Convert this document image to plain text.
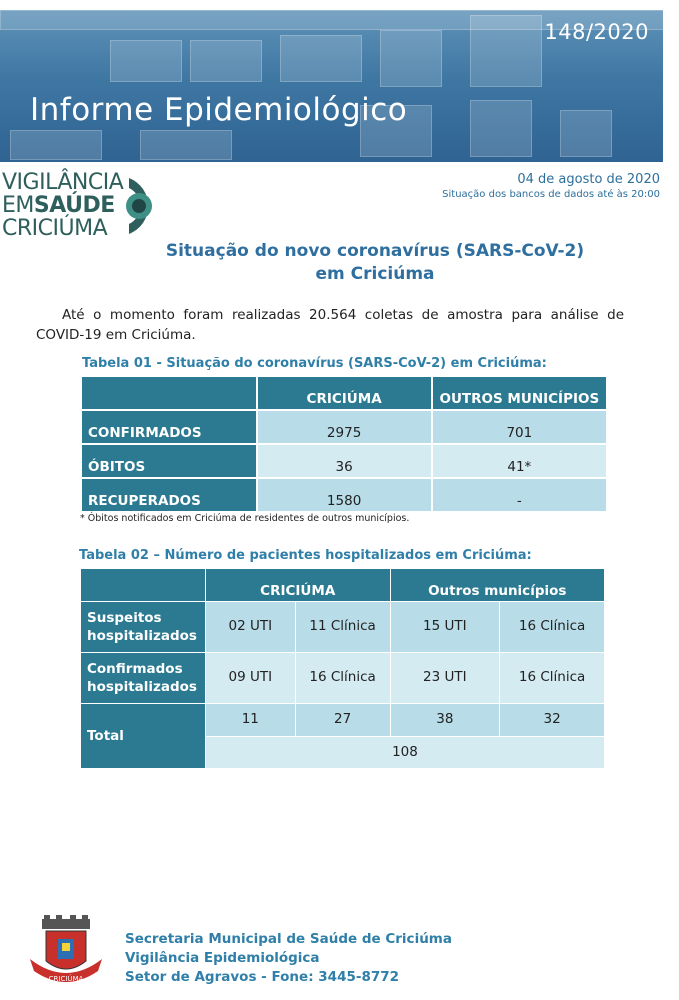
148/2020
Informe Epidemiológico
VIGILÂNCIA
EMSAÚDE
CRICIÚMA
04 de agosto de 2020
Situação dos bancos de dados até às 20:00
Situação do novo coronavírus (SARS-CoV-2)
em Criciúma
Até o momento foram realizadas 20.564 coletas de amostra para análise de COVID-19 em Criciúma.
Tabela 01 - Situação do coronavírus (SARS-CoV-2) em Criciúma:
	CRICIÚMA	OUTROS MUNICÍPIOS
CONFIRMADOS	2975	701
ÓBITOS	36	41*
RECUPERADOS	1580	-
* Óbitos notificados em Criciúma de residentes de outros municípios.
Tabela 02 – Número de pacientes hospitalizados em Criciúma:
	CRICIÚMA		Outros municípios	
Suspeitos hospitalizados	02 UTI	11 Clínica	15 UTI	16 Clínica
Confirmados hospitalizados	09 UTI	16 Clínica	23 UTI	16 Clínica
Total	11	27	38	32
	108			
CRICIÚMA
Secretaria Municipal de Saúde de Criciúma
Vigilância Epidemiológica
Setor de Agravos - Fone: 3445-8772
